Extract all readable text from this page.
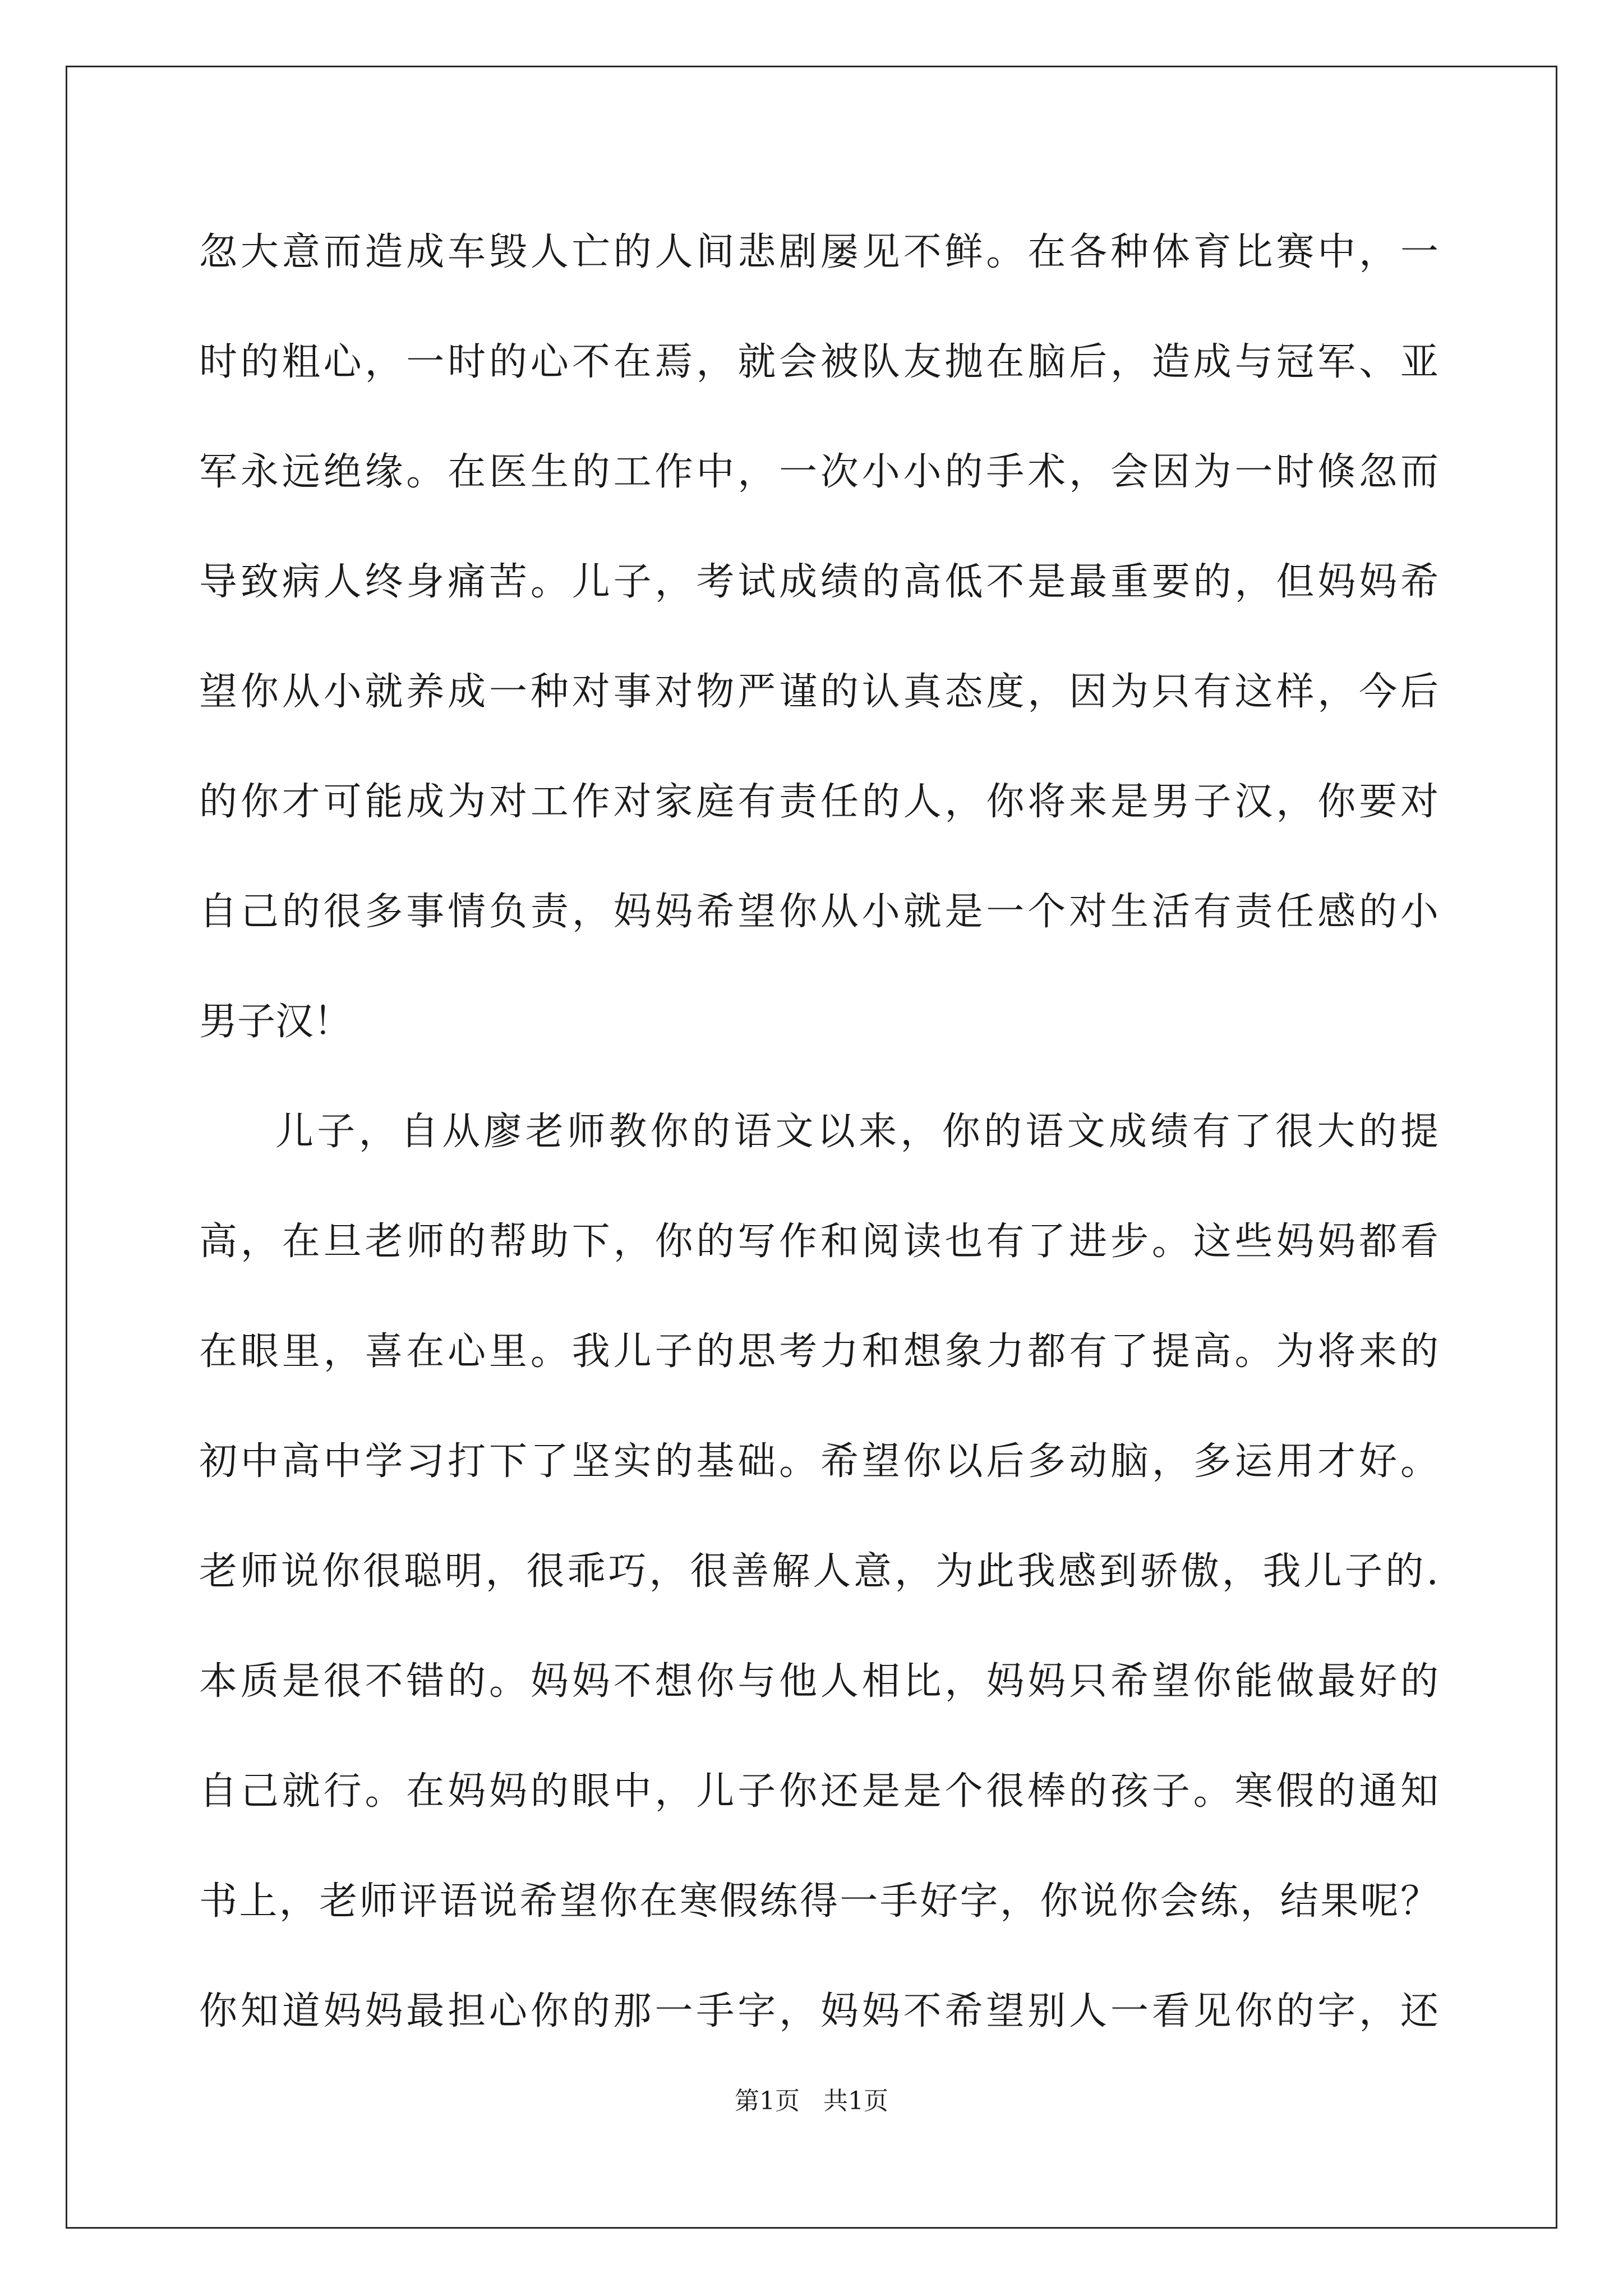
忽大意而造成车毁人亡的人间悲剧屡见不鲜。在各种体育比赛中，一
时的粗心，一时的心不在焉，就会被队友抛在脑后，造成与冠军、亚
军永远绝缘。在医生的工作中，一次小小的手术，会因为一时倏忽而
导致病人终身痛苦。儿子，考试成绩的高低不是最重要的，但妈妈希
望你从小就养成一种对事对物严谨的认真态度，因为只有这样，今后
的你才可能成为对工作对家庭有责任的人，你将来是男子汉，你要对
自己的很多事情负责，妈妈希望你从小就是一个对生活有责任感的小
男子汉！
儿子，自从廖老师教你的语文以来，你的语文成绩有了很大的提
高，在旦老师的帮助下，你的写作和阅读也有了进步。这些妈妈都看
在眼里，喜在心里。我儿子的思考力和想象力都有了提高。为将来的
初中高中学习打下了坚实的基础。希望你以后多动脑，多运用才好。
老师说你很聪明，很乖巧，很善解人意，为此我感到骄傲，我儿子的.
本质是很不错的。妈妈不想你与他人相比，妈妈只希望你能做最好的
自己就行。在妈妈的眼中，儿子你还是是个很棒的孩子。寒假的通知
书上，老师评语说希望你在寒假练得一手好字，你说你会练，结果呢？
你知道妈妈最担心你的那一手字，妈妈不希望别人一看见你的字，还
第1页   共1页
